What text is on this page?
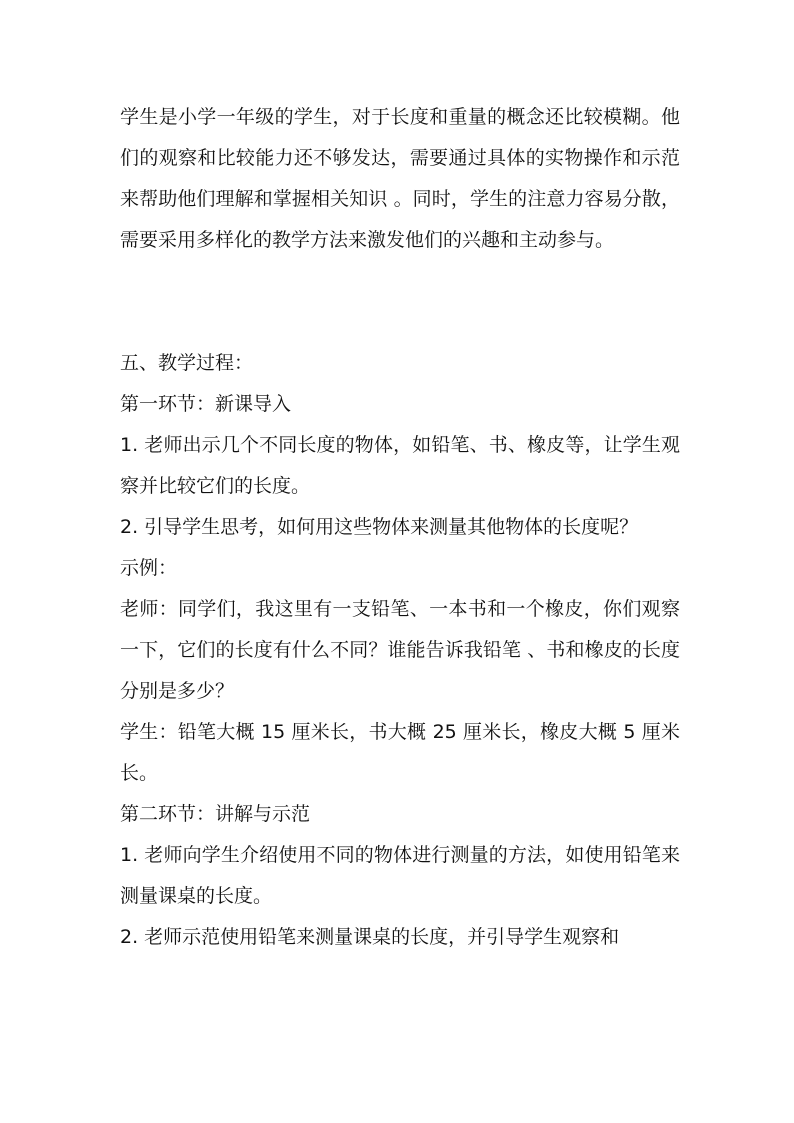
学生是小学一年级的学生，对于长度和重量的概念还比较模糊。他们的观察和比较能力还不够发达，需要通过具体的实物操作和示范来帮助他们理解和掌握相关知识 。同时，学生的注意力容易分散，需要采用多样化的教学方法来激发他们的兴趣和主动参与。

五、教学过程：

第一环节：新课导入

1. 老师出示几个不同长度的物体，如铅笔、书、橡皮等，让学生观察并比较它们的长度。

2. 引导学生思考，如何用这些物体来测量其他物体的长度呢？

示例：

老师：同学们，我这里有一支铅笔、一本书和一个橡皮，你们观察一下，它们的长度有什么不同？谁能告诉我铅笔 、书和橡皮的长度分别是多少？

学生：铅笔大概 15 厘米长，书大概 25 厘米长，橡皮大概 5 厘米长。

第二环节：讲解与示范

1. 老师向学生介绍使用不同的物体进行测量的方法，如使用铅笔来测量课桌的长度。

2. 老师示范使用铅笔来测量课桌的长度，并引导学生观察和
